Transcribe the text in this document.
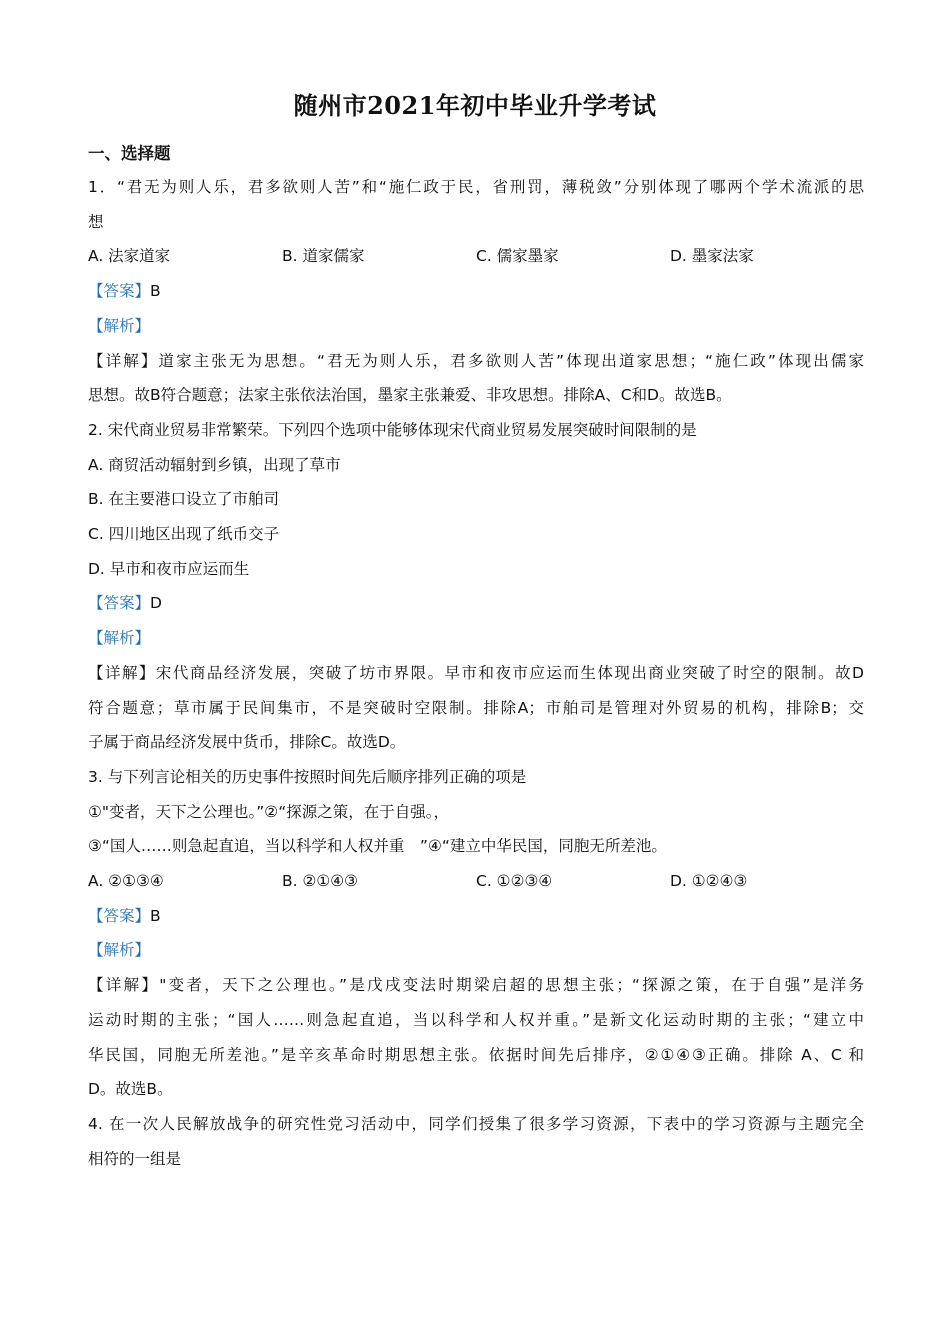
随州市2021年初中毕业升学考试
一、选择题
1．“君无为则人乐，君多欲则人苦”和“施仁政于民，省刑罚，薄税敛”分别体现了哪两个学术流派的思
想
A. 法家道家	B. 道家儒家	C. 儒家墨家	D. 墨家法家
【答案】B
【解析】
【详解】道家主张无为思想。“君无为则人乐，君多欲则人苦”体现出道家思想；“施仁政”体现出儒家
思想。故B符合题意；法家主张依法治国，墨家主张兼爱、非攻思想。排除A、C和D。故选B。
2. 宋代商业贸易非常繁荣。下列四个选项中能够体现宋代商业贸易发展突破时间限制的是
A. 商贸活动辐射到乡镇，出现了草市
B. 在主要港口设立了市舶司
C. 四川地区出现了纸币交子
D. 早市和夜市应运而生
【答案】D
【解析】
【详解】宋代商品经济发展，突破了坊市界限。早市和夜市应运而生体现出商业突破了时空的限制。故D
符合题意；草市属于民间集市，不是突破时空限制。排除A；市舶司是管理对外贸易的机构，排除B；交
子属于商品经济发展中货币，排除C。故选D。
3. 与下列言论相关的历史事件按照时间先后顺序排列正确的项是
①"变者，天下之公理也。”②“探源之策，在于自强。，
③“国人……则急起直追，当以科学和人权并重　”④“建立中华民国，同胞无所差池。
A. ②①③④	B. ②①④③	C. ①②③④	D. ①②④③
【答案】B
【解析】
【详解】"变者，天下之公理也。”是戊戌变法时期梁启超的思想主张；“探源之策，在于自强”是洋务
运动时期的主张；“国人……则急起直追，当以科学和人权并重。”是新文化运动时期的主张；“建立中
华民国，同胞无所差池。”是辛亥革命时期思想主张。依据时间先后排序，②①④③正确。排除 A、C 和
D。故选B。
4. 在一次人民解放战争的研究性党习活动中，同学们授集了很多学习资源，下表中的学习资源与主题完全
相符的一组是
